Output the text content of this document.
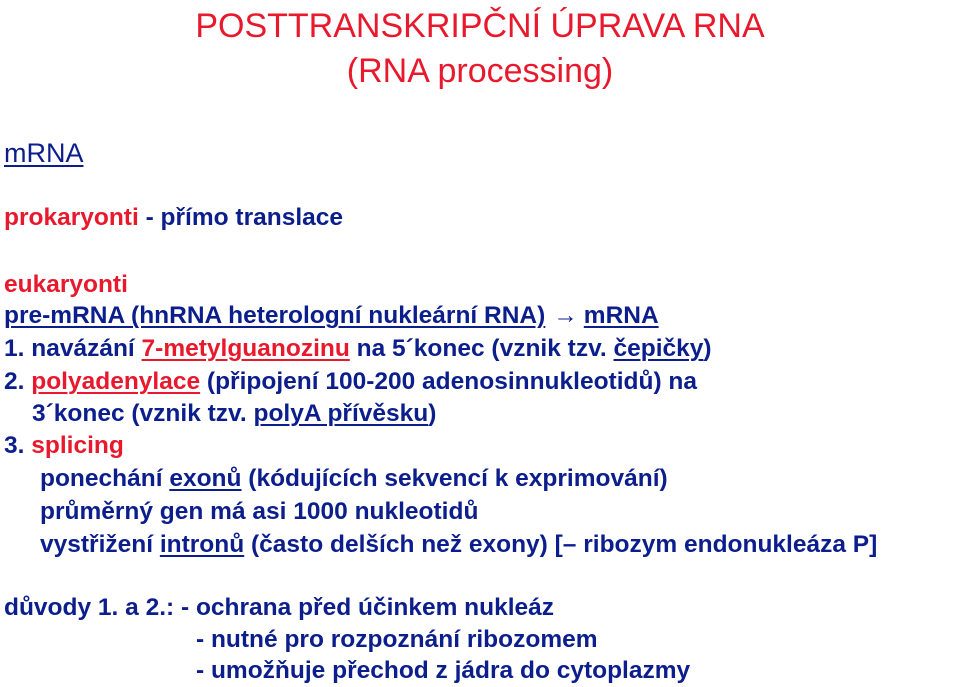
POSTTRANSKRIPČNÍ ÚPRAVA RNA
(RNA processing)
mRNA
prokaryonti - přímo translace
eukaryonti
pre-mRNA (hnRNA heterologní nukleární RNA) → mRNA
1. navázání 7-metylguanozinu na 5´konec (vznik tzv. čepičky)
2. polyadenylace (připojení 100-200 adenosinnukleotidů) na
3´konec (vznik tzv. polyA přívěsku)
3. splicing
ponechání exonů (kódujících sekvencí k exprimování)
průměrný gen má asi 1000 nukleotidů
vystřižení intronů (často delších než exony) [– ribozym endonukleáza P]
důvody 1. a 2.: - ochrana před účinkem nukleáz
- nutné pro rozpoznání ribozomem
- umožňuje přechod z jádra do cytoplazmy
